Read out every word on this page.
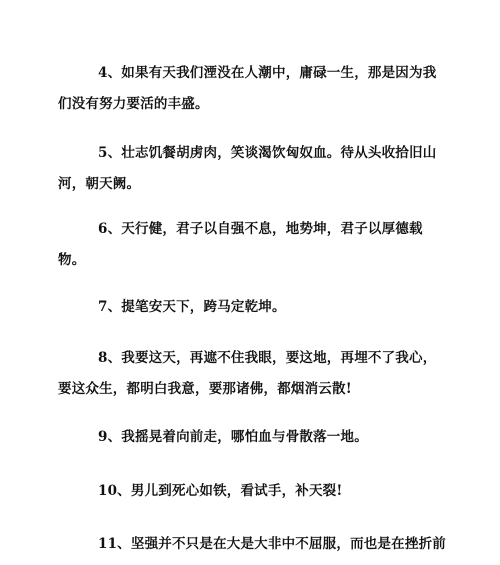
4、如果有天我们湮没在人潮中，庸碌一生，那是因为我们没有努力要活的丰盛。

5、壮志饥餐胡虏肉，笑谈渴饮匈奴血。待从头收拾旧山河，朝天阙。

6、天行健，君子以自强不息，地势坤，君子以厚德载物。

7、提笔安天下，跨马定乾坤。

8、我要这天，再遮不住我眼，要这地，再埋不了我心，要这众生，都明白我意，要那诸佛，都烟消云散!

9、我摇晃着向前走，哪怕血与骨散落一地。

10、男儿到死心如铁，看试手，补天裂!

11、坚强并不只是在大是大非中不屈服，而也是在挫折前
